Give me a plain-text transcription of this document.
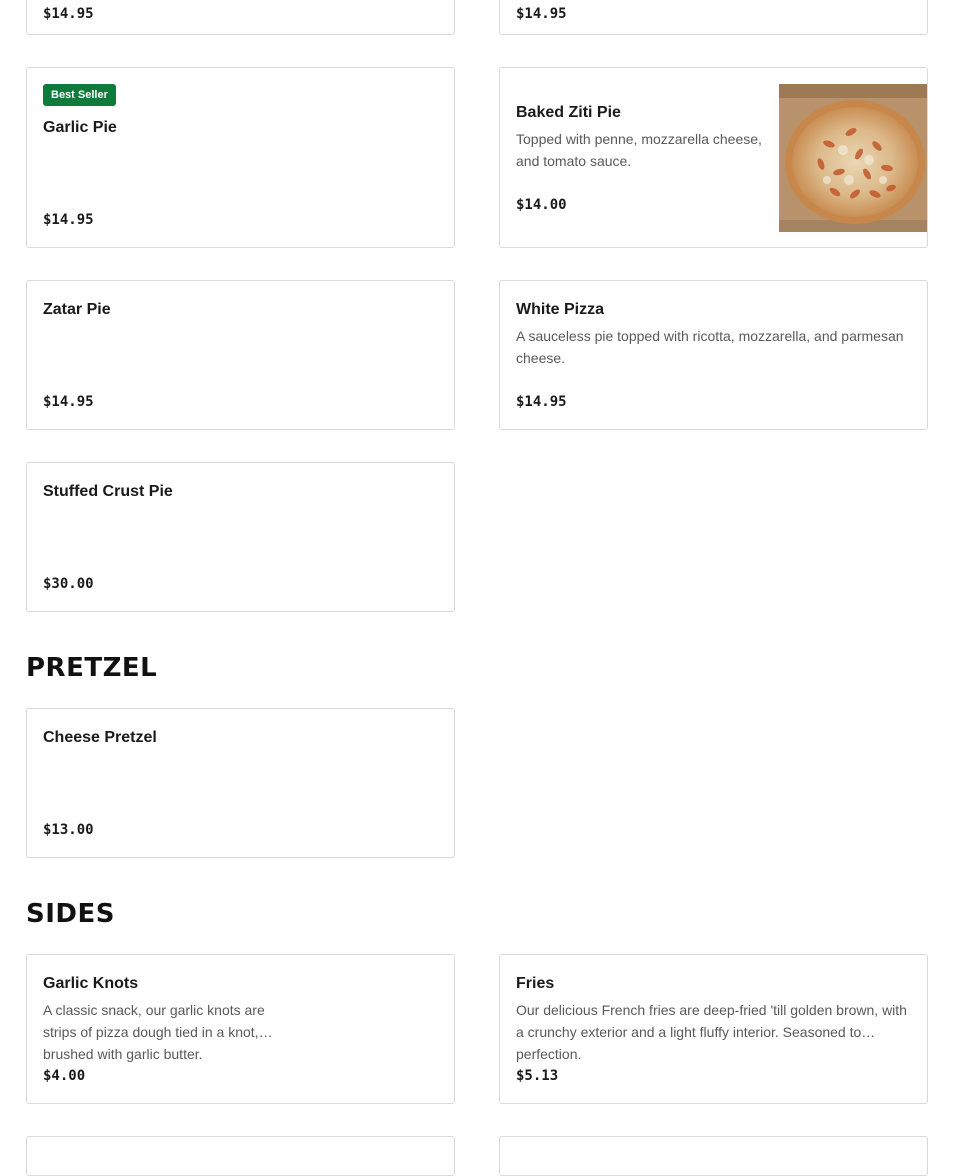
$14.95	$14.95
Best Seller
Garlic Pie
$14.95
Baked Ziti Pie
Topped with penne, mozzarella cheese, and tomato sauce.
$14.00
Zatar Pie
$14.95
White Pizza
A sauceless pie topped with ricotta, mozzarella, and parmesan cheese.
$14.95
Stuffed Crust Pie
$30.00
PRETZEL
Cheese Pretzel
$13.00
SIDES
Garlic Knots
A classic snack, our garlic knots are strips of pizza dough tied in a knot, brushed with garlic butter.
$4.00
Fries
Our delicious French fries are deep-fried 'till golden brown, with a crunchy exterior and a light fluffy interior. Seasoned to perfection.
$5.13
